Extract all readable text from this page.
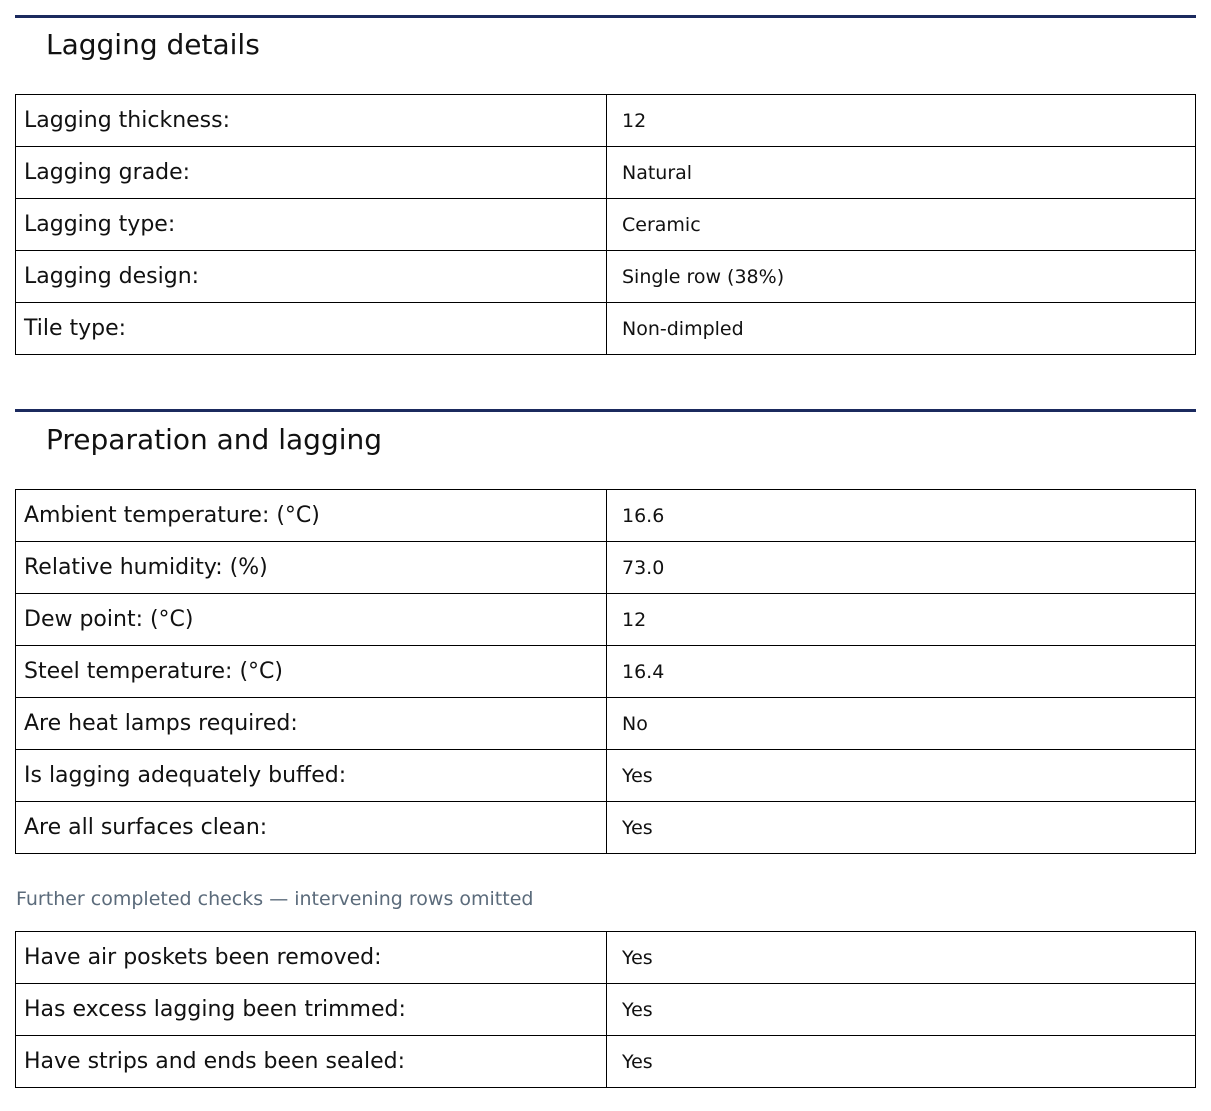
Lagging details
Lagging thickness:	12
Lagging grade:	Natural
Lagging type:	Ceramic
Lagging design:	Single row (38%)
Tile type:	Non-dimpled
Preparation and lagging
Ambient temperature: (°C)	16.6
Relative humidity: (%)	73.0
Dew point: (°C)	12
Steel temperature: (°C)	16.4
Are heat lamps required:	No
Is lagging adequately buffed:	Yes
Are all surfaces clean:	Yes
Further completed checks — intervening rows omitted
Have air poskets been removed:	Yes
Has excess lagging been trimmed:	Yes
Have strips and ends been sealed:	Yes
